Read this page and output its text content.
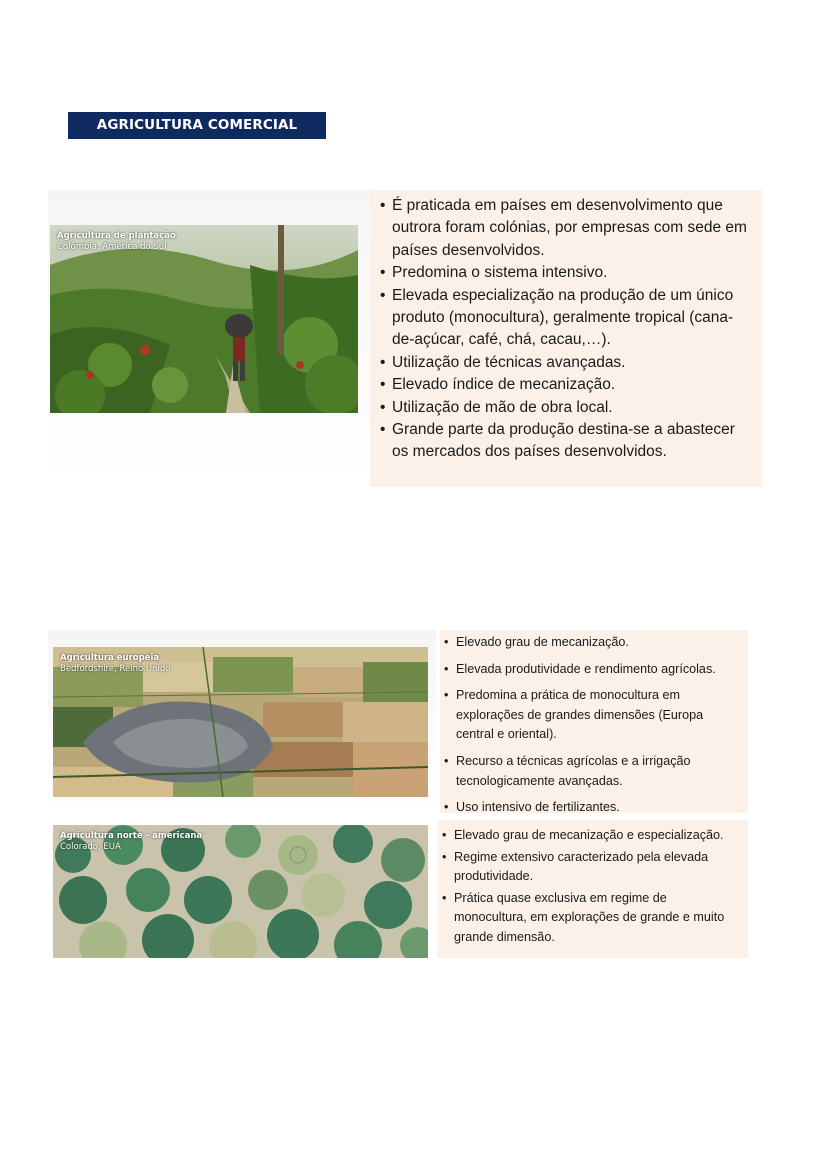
AGRICULTURA COMERCIAL
Agricultura de plantação
Colômbia, América do Sul
• É praticada em países em desenvolvimento que outrora foram colónias, por empresas com sede em países desenvolvidos.
• Predomina o sistema intensivo.
• Elevada especialização na produção de um único produto (monocultura), geralmente tropical (cana-de-açúcar, café, chá, cacau,…).
• Utilização de técnicas avançadas.
• Elevado índice de mecanização.
• Utilização de mão de obra local.
• Grande parte da produção destina-se a abastecer os mercados dos países desenvolvidos.
Agricultura europeia
Bedfordshire, Reino Unido
• Elevado grau de mecanização.
• Elevada produtividade e rendimento agrícolas.
• Predomina a prática de monocultura em explorações de grandes dimensões (Europa central e oriental).
• Recurso a técnicas agrícolas e a irrigação tecnologicamente avançadas.
• Uso intensivo de fertilizantes.
Agricultura norte - americana
Colorado, EUA
• Elevado grau de mecanização e especialização.
• Regime extensivo caracterizado pela elevada produtividade.
• Prática quase exclusiva em regime de monocultura, em explorações de grande e muito grande dimensão.
